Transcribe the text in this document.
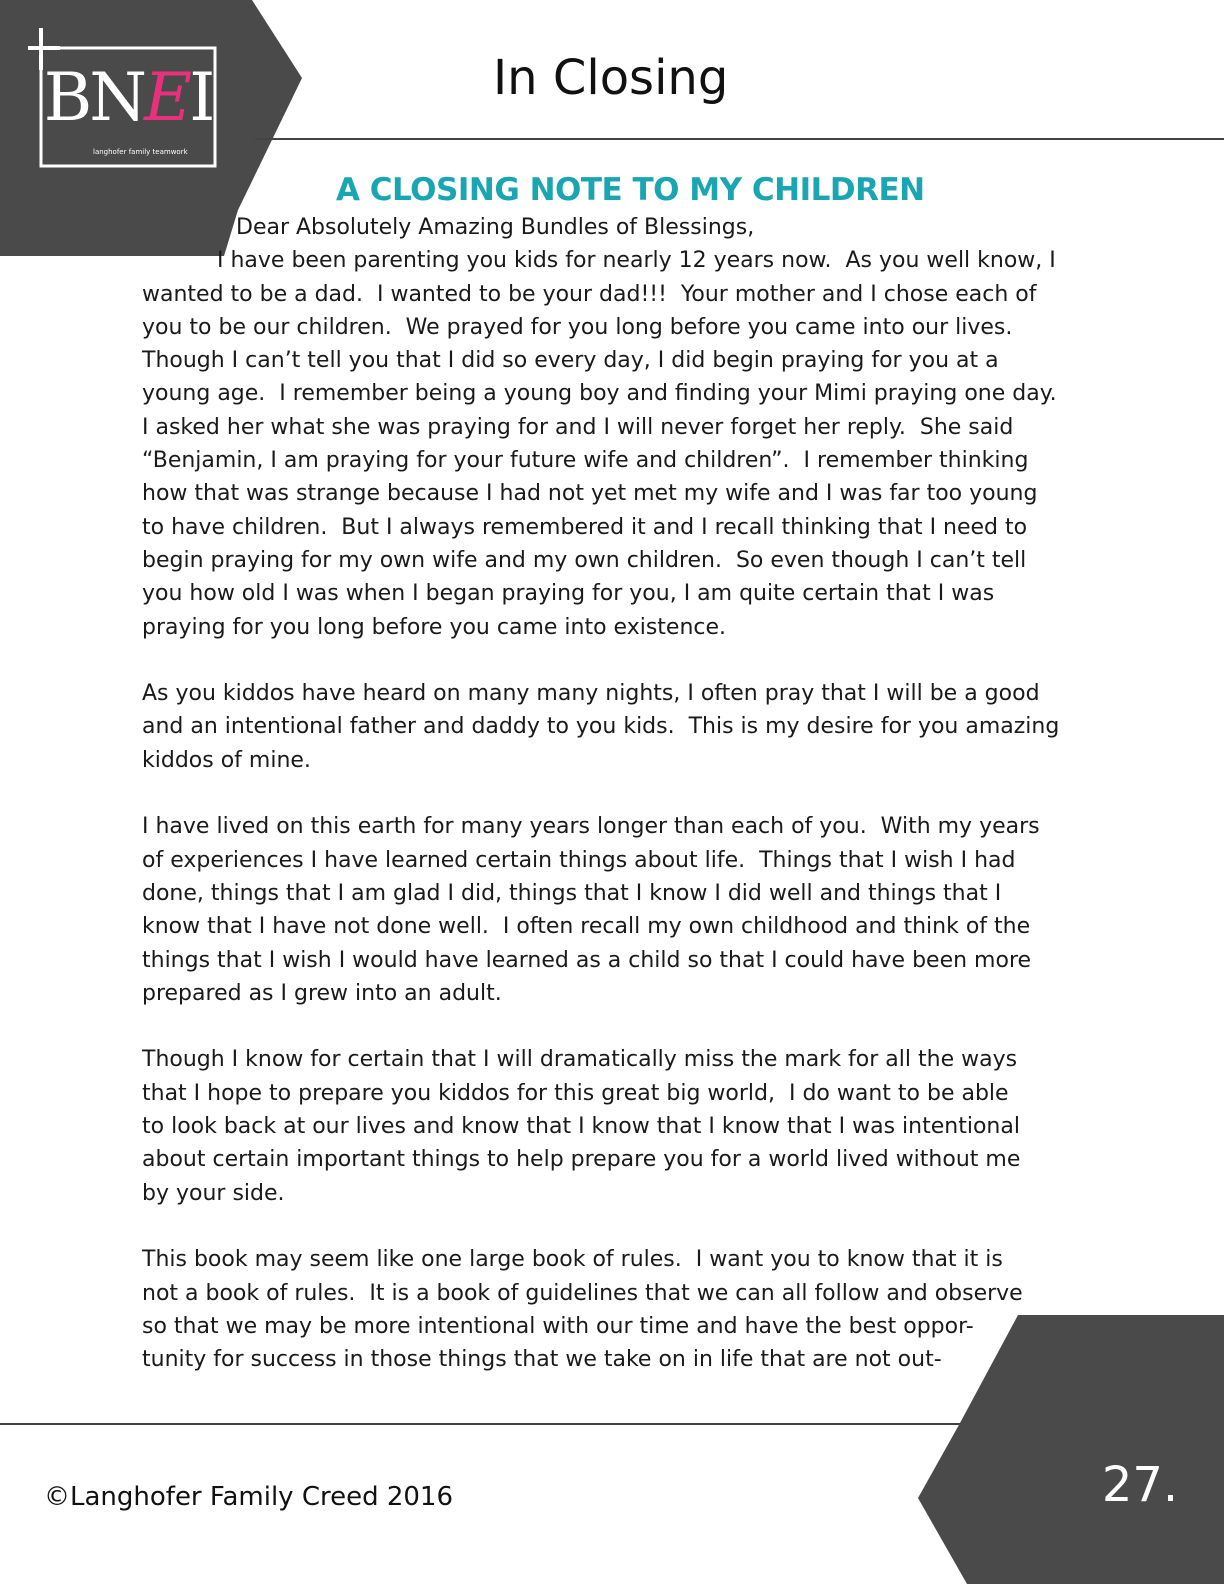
BNEI
langhofer family teamwork
In Closing
A CLOSING NOTE TO MY CHILDREN

Dear Absolutely Amazing Bundles of Blessings,

I have been parenting you kids for nearly 12 years now.  As you well know, I

wanted to be a dad.  I wanted to be your dad!!!  Your mother and I chose each of

you to be our children.  We prayed for you long before you came into our lives.

Though I can’t tell you that I did so every day, I did begin praying for you at a

young age.  I remember being a young boy and finding your Mimi praying one day.

I asked her what she was praying for and I will never forget her reply.  She said

“Benjamin, I am praying for your future wife and children”.  I remember thinking

how that was strange because I had not yet met my wife and I was far too young

to have children.  But I always remembered it and I recall thinking that I need to

begin praying for my own wife and my own children.  So even though I can’t tell

you how old I was when I began praying for you, I am quite certain that I was

praying for you long before you came into existence.

As you kiddos have heard on many many nights, I often pray that I will be a good

and an intentional father and daddy to you kids.  This is my desire for you amazing

kiddos of mine.

I have lived on this earth for many years longer than each of you.  With my years

of experiences I have learned certain things about life.  Things that I wish I had

done, things that I am glad I did, things that I know I did well and things that I

know that I have not done well.  I often recall my own childhood and think of the

things that I wish I would have learned as a child so that I could have been more

prepared as I grew into an adult.

Though I know for certain that I will dramatically miss the mark for all the ways

that I hope to prepare you kiddos for this great big world,  I do want to be able

to look back at our lives and know that I know that I know that I was intentional

about certain important things to help prepare you for a world lived without me

by your side.

This book may seem like one large book of rules.  I want you to know that it is

not a book of rules.  It is a book of guidelines that we can all follow and observe

so that we may be more intentional with our time and have the best oppor-

tunity for success in those things that we take on in life that are not out-

27.
©Langhofer Family Creed 2016
